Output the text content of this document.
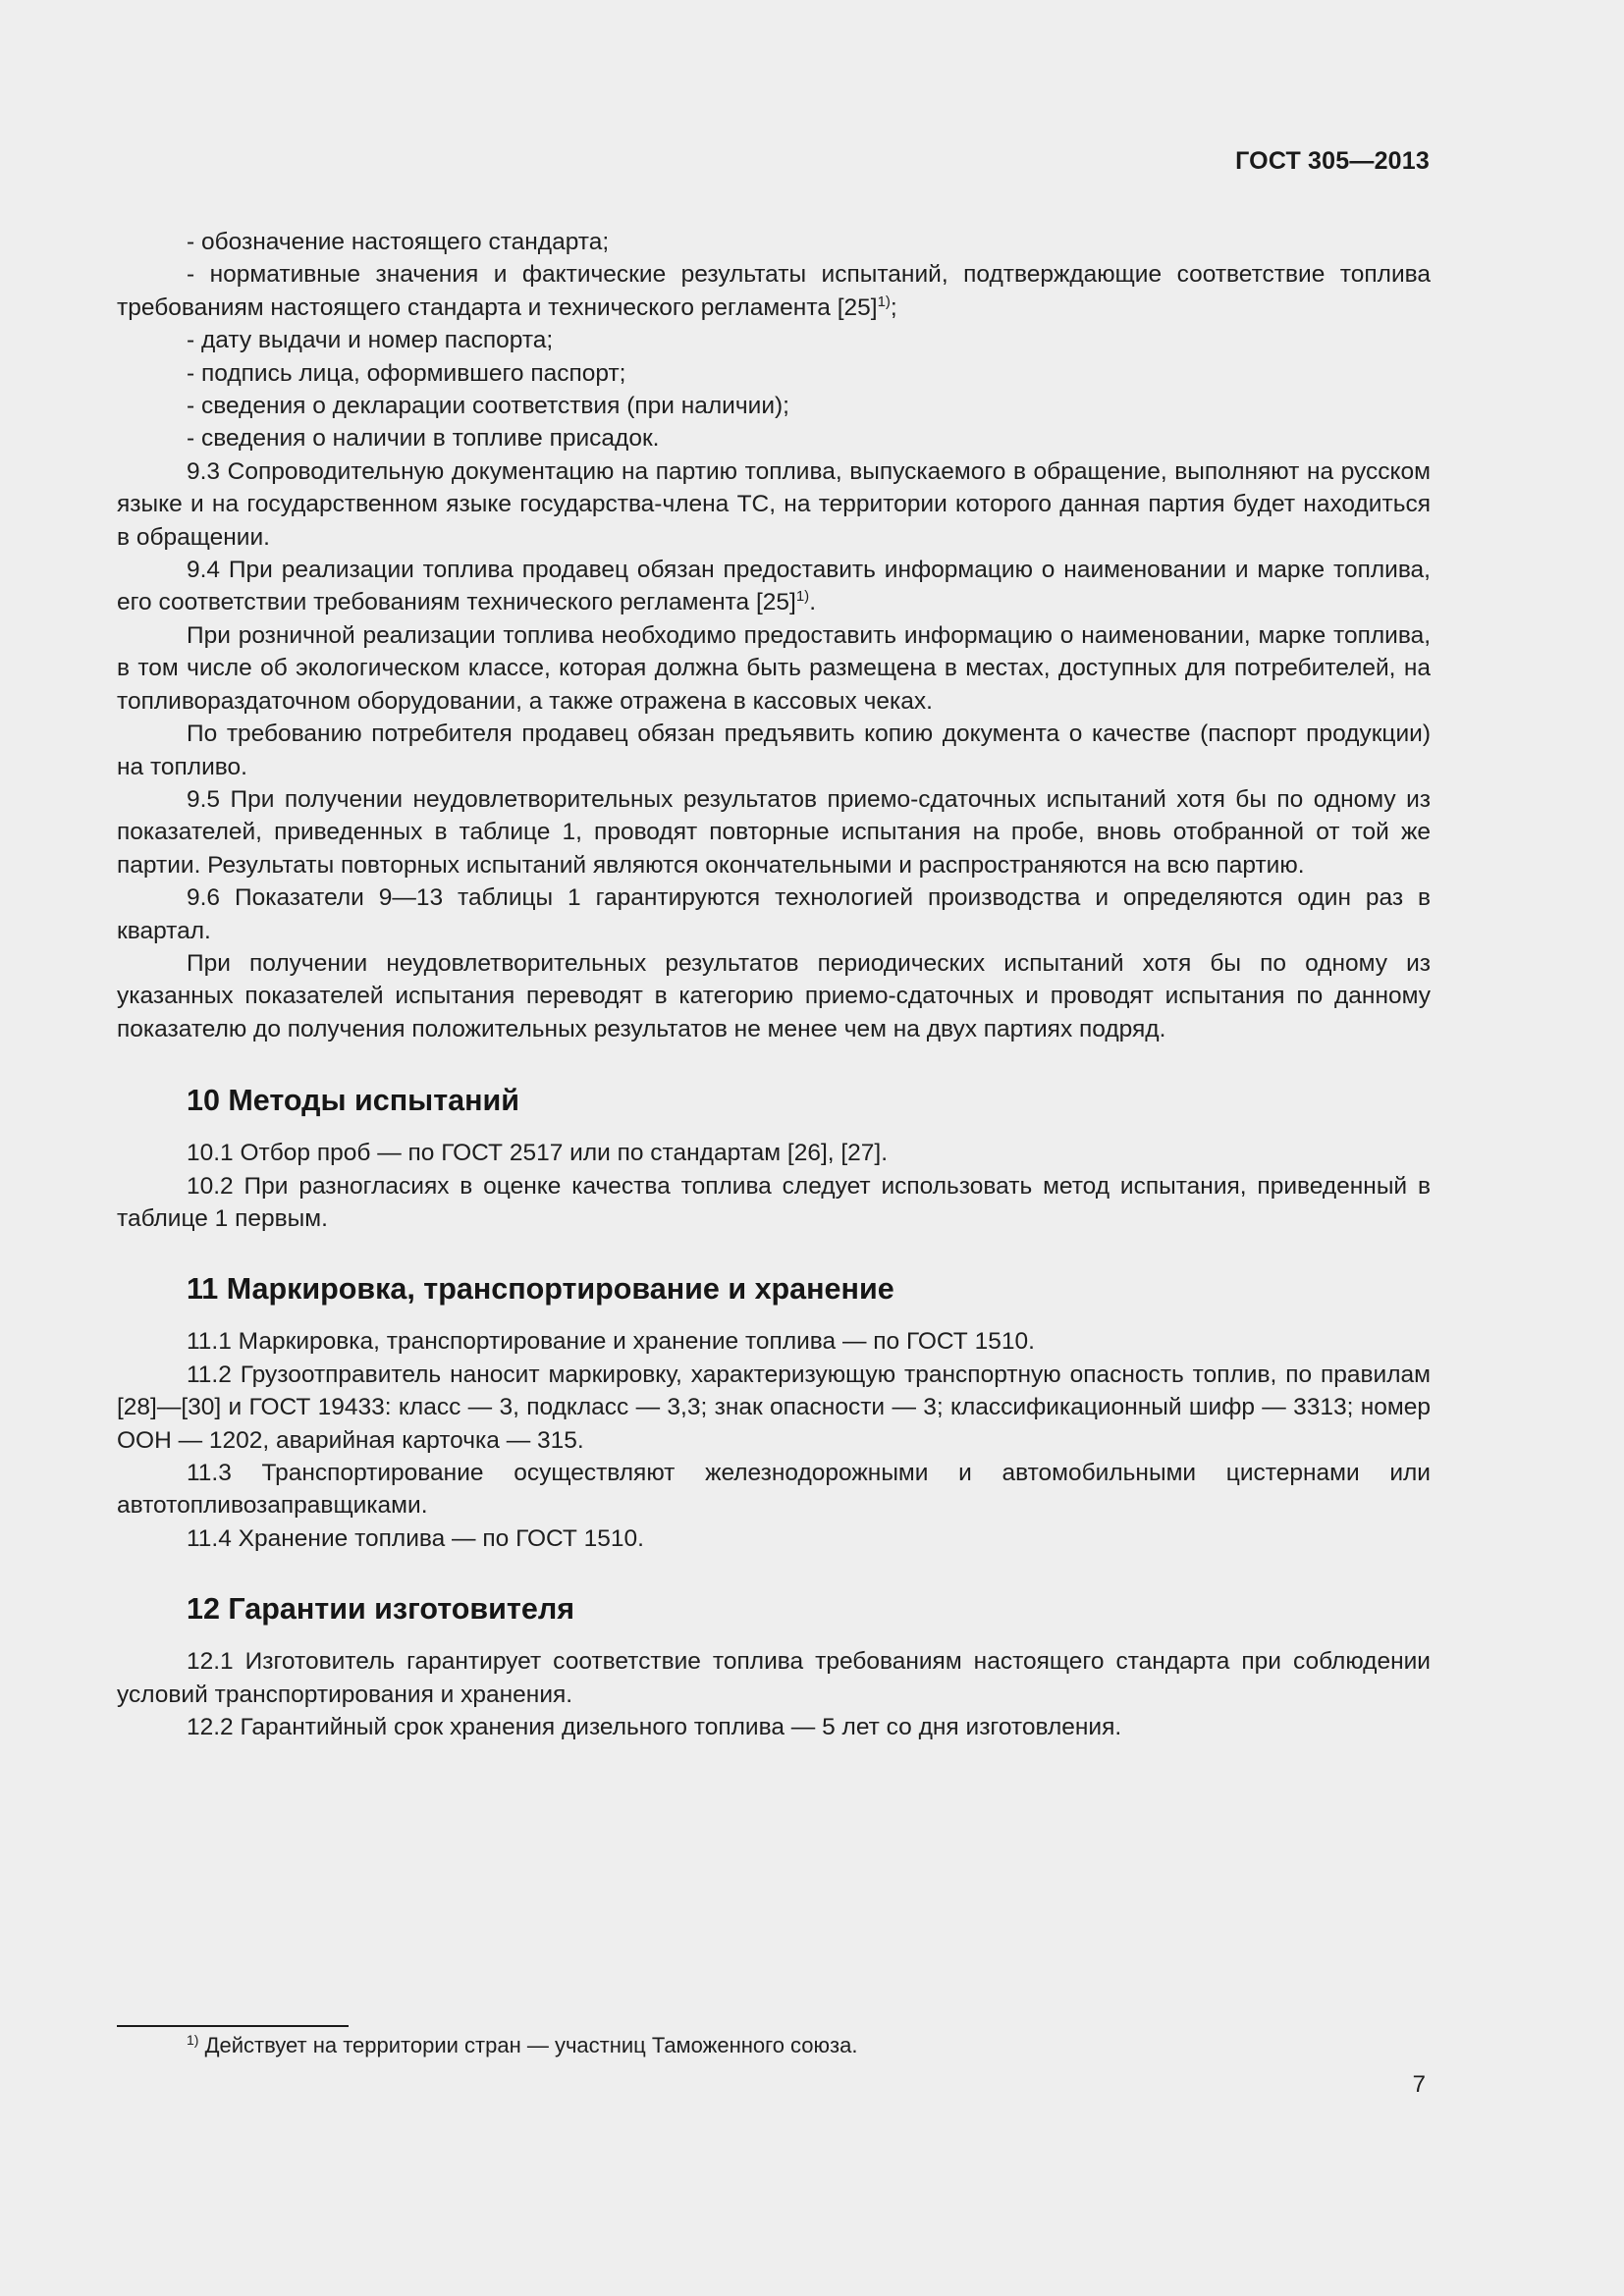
ГОСТ 305—2013

- обозначение настоящего стандарта;

- нормативные значения и фактические результаты испытаний, подтверждающие соответствие топлива требованиям настоящего стандарта и технического регламента $[25]^{1)}$;

- дату выдачи и номер паспорта;

- подпись лица, оформившего паспорт;

- сведения о декларации соответствия (при наличии);

- сведения о наличии в топливе присадок.

9.3 Сопроводительную документацию на партию топлива, выпускаемого в обращение, выполняют на русском языке и на государственном языке государства-члена ТС, на территории которого данная партия будет находиться в обращении.

9.4 При реализации топлива продавец обязан предоставить информацию о наименовании и марке топлива, его соответствии требованиям технического регламента $[25]^{1)}$.

При розничной реализации топлива необходимо предоставить информацию о наименовании, марке топлива, в том числе об экологическом классе, которая должна быть размещена в местах, доступных для потребителей, на топливораздаточном оборудовании, а также отражена в кассовых чеках.

По требованию потребителя продавец обязан предъявить копию документа о качестве (паспорт продукции) на топливо.

9.5 При получении неудовлетворительных результатов приемо-сдаточных испытаний хотя бы по одному из показателей, приведенных в таблице 1, проводят повторные испытания на пробе, вновь отобранной от той же партии. Результаты повторных испытаний являются окончательными и распространяются на всю партию.

9.6 Показатели 9—13 таблицы 1 гарантируются технологией производства и определяются один раз в квартал.

При получении неудовлетворительных результатов периодических испытаний хотя бы по одному из указанных показателей испытания переводят в категорию приемо-сдаточных и проводят испытания по данному показателю до получения положительных результатов не менее чем на двух партиях подряд.

10 Методы испытаний

10.1 Отбор проб — по ГОСТ 2517 или по стандартам [26], [27].

10.2 При разногласиях в оценке качества топлива следует использовать метод испытания, приведенный в таблице 1 первым.

11 Маркировка, транспортирование и хранение

11.1 Маркировка, транспортирование и хранение топлива — по ГОСТ 1510.

11.2 Грузоотправитель наносит маркировку, характеризующую транспортную опасность топлив, по правилам [28]—[30] и ГОСТ 19433: класс — 3, подкласс — 3,3; знак опасности — 3; классификационный шифр — 3313; номер ООН — 1202, аварийная карточка — 315.

11.3 Транспортирование осуществляют железнодорожными и автомобильными цистернами или автотопливозаправщиками.

11.4 Хранение топлива — по ГОСТ 1510.

12 Гарантии изготовителя

12.1 Изготовитель гарантирует соответствие топлива требованиям настоящего стандарта при соблюдении условий транспортирования и хранения.

12.2 Гарантийный срок хранения дизельного топлива — 5 лет со дня изготовления.

$^{1)}$ Действует на территории стран — участниц Таможенного союза.
7
